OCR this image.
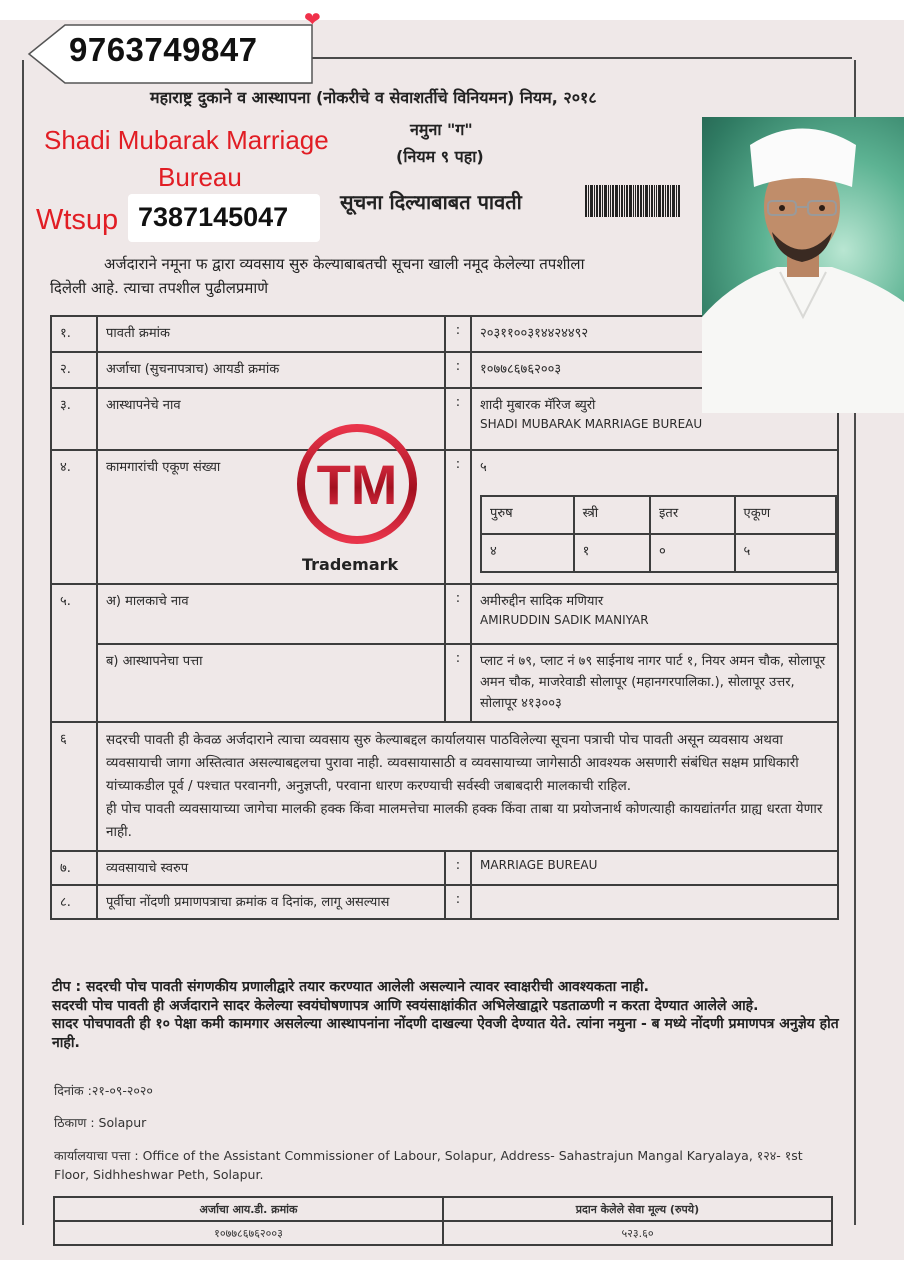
महाराष्ट्र दुकाने व आस्थापना (नोकरीचे व सेवाशर्तीचे विनियमन) नियम, २०१८
नमुना "ग"
(नियम ९ पहा)
सूचना दिल्याबाबत पावती
अर्जदाराने नमूना फ द्वारा व्यवसाय सुरु केल्याबाबतची सूचना खाली नमूद केलेल्या तपशीला
दिलेली आहे. त्याचा तपशील पुढीलप्रमाणे
१.	पावती क्रमांक	:	२०३११००३१४४२४४९२
२.	अर्जाचा (सुचनापत्राच) आयडी क्रमांक	:	१०७७८६७६२००३
३.	आस्थापनेचे नाव	:	शादी मुबारक मॅरिज ब्युरो
SHADI MUBARAK MARRIAGE BUREAU

४.	कामगारांची एकूण संख्या	:	५
पुरुष	स्त्री	इतर	एकूण
४	१	०	५

५.	अ) मालकाचे नाव	:	अमीरुद्दीन सादिक मणियार
AMIRUDDIN SADIK MANIYAR

ब) आस्थापनेचा पत्ता	:	प्लाट नं ७९, प्लाट नं ७९ साईनाथ नागर पार्ट १, नियर अमन चौक, सोलापूर अमन चौक, माजरेवाडी सोलापूर (महानगरपालिका.), सोलापूर उत्तर, सोलापूर ४१३००३
६	सदरची पावती ही केवळ अर्जदाराने त्याचा व्यवसाय सुरु केल्याबद्दल कार्यालयास पाठविलेल्या सूचना पत्राची पोच पावती असून व्यवसाय अथवा व्यवसायाची जागा अस्तित्वात असल्याबद्दलचा पुरावा नाही. व्यवसायासाठी व व्यवसायाच्या जागेसाठी आवश्यक असणारी संबंधित सक्षम प्राधिकारी यांच्याकडील पूर्व / पश्चात परवानगी, अनुज्ञप्ती, परवाना धारण करण्याची सर्वस्वी जबाबदारी मालकाची राहिल.
ही पोच पावती व्यवसायाच्या जागेचा मालकी हक्क किंवा मालमत्तेचा मालकी हक्क किंवा ताबा या प्रयोजनार्थ कोणत्याही कायद्यांतर्गत ग्राह्य धरता येणार नाही.

७.	व्यवसायाचे स्वरुप	:	MARRIAGE BUREAU
८.	पूर्वीचा नोंदणी प्रमाणपत्राचा क्रमांक व दिनांक, लागू असल्यास	:	
टीप : सदरची पोच पावती संगणकीय प्रणालीद्वारे तयार करण्यात आलेली असल्याने त्यावर स्वाक्षरीची आवश्यकता नाही.
सदरची पोच पावती ही अर्जदाराने सादर केलेल्या स्वयंघोषणापत्र आणि स्वयंसाक्षांकीत अभिलेखाद्वारे पडताळणी न करता देण्यात आलेले आहे.
सादर पोचपावती ही १० पेक्षा कमी कामगार असलेल्या आस्थापनांना नोंदणी दाखल्या ऐवजी देण्यात येते. त्यांना नमुना - ब मध्ये नोंदणी प्रमाणपत्र अनुज्ञेय होत नाही.
दिनांक :२१-०९-२०२०
ठिकाण : Solapur
कार्यालयाचा पत्ता : Office of the Assistant Commissioner of Labour, Solapur, Address- Sahastrajun Mangal Karyalaya, १२४- १st Floor, Sidhheshwar Peth, Solapur.
अर्जाचा आय.डी. क्रमांक	प्रदान केलेले सेवा मूल्य (रुपये)
१०७७८६७६२००३	५२३.६०
9763749847
❤
Shadi Mubarak Marriage
Bureau
Wtsup 7387145047
TM
Trademark
